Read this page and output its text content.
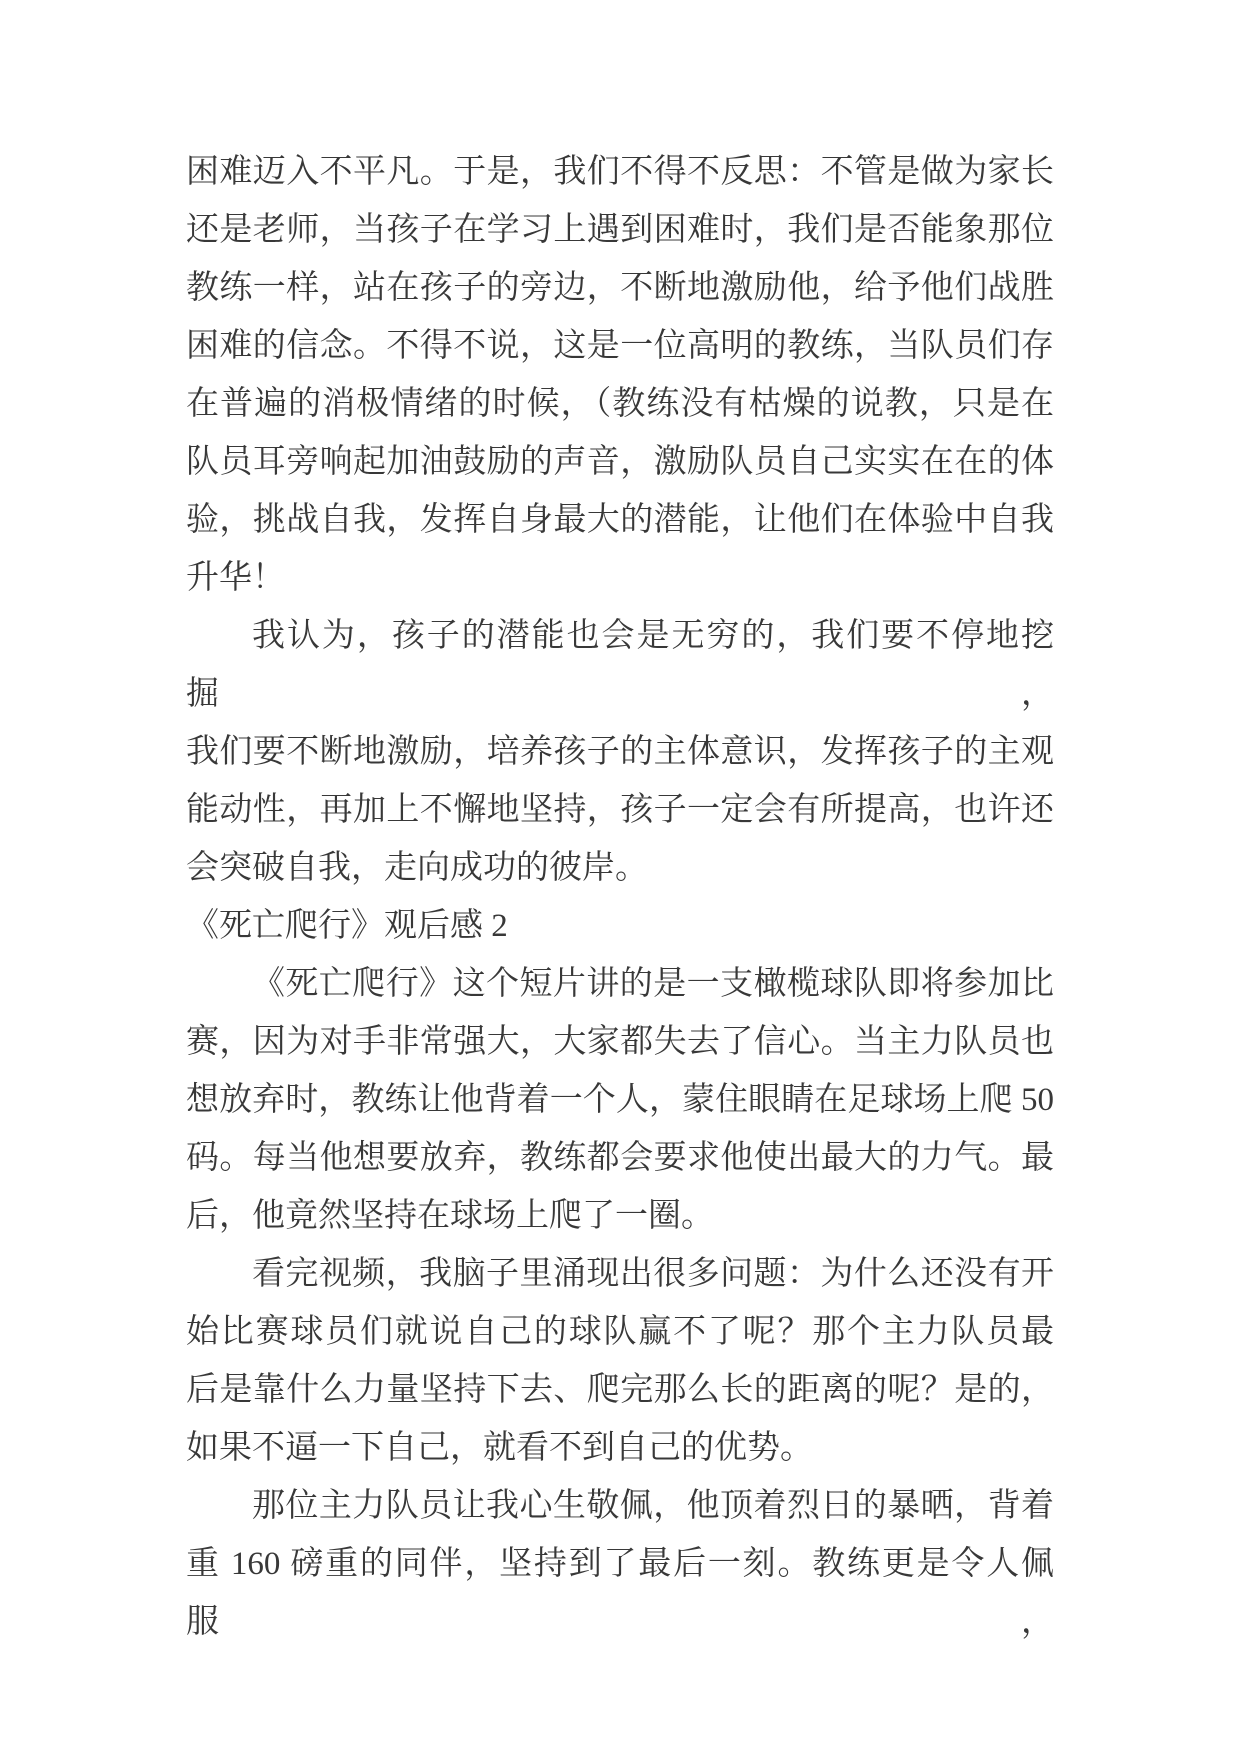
困难迈入不平凡。于是，我们不得不反思：不管是做为家长
还是老师，当孩子在学习上遇到困难时，我们是否能象那位
教练一样，站在孩子的旁边，不断地激励他，给予他们战胜
困难的信念。不得不说，这是一位高明的教练，当队员们存
在普遍的消极情绪的时候，（教练没有枯燥的说教，只是在
队员耳旁响起加油鼓励的声音，激励队员自己实实在在的体
验，挑战自我，发挥自身最大的潜能，让他们在体验中自我
升华！
我认为，孩子的潜能也会是无穷的，我们要不停地挖掘，
我们要不断地激励，培养孩子的主体意识，发挥孩子的主观
能动性，再加上不懈地坚持，孩子一定会有所提高，也许还
会突破自我，走向成功的彼岸。
《死亡爬行》观后感 2
《死亡爬行》这个短片讲的是一支橄榄球队即将参加比
赛，因为对手非常强大，大家都失去了信心。当主力队员也
想放弃时，教练让他背着一个人，蒙住眼睛在足球场上爬 50
码。每当他想要放弃，教练都会要求他使出最大的力气。最
后，他竟然坚持在球场上爬了一圈。
看完视频，我脑子里涌现出很多问题：为什么还没有开
始比赛球员们就说自己的球队赢不了呢？那个主力队员最
后是靠什么力量坚持下去、爬完那么长的距离的呢？是的，
如果不逼一下自己，就看不到自己的优势。
那位主力队员让我心生敬佩，他顶着烈日的暴晒，背着
重 160 磅重的同伴，坚持到了最后一刻。教练更是令人佩服，
